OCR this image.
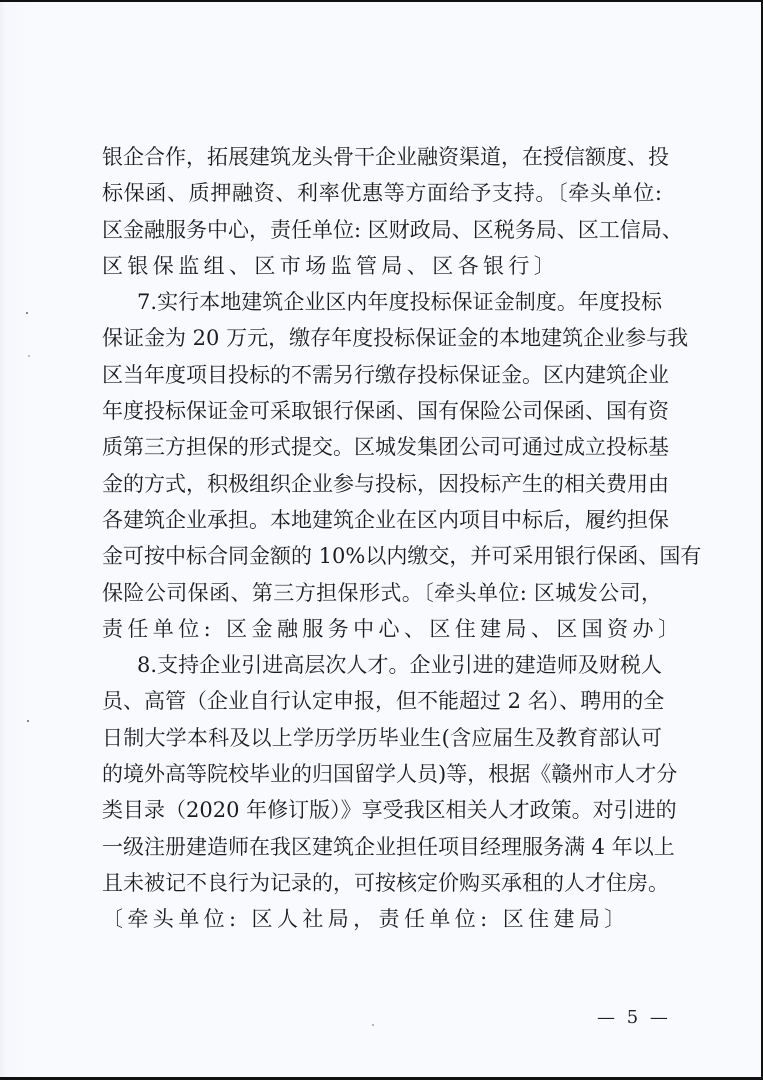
银企合作，拓展建筑龙头骨干企业融资渠道，在授信额度、投
标保函、质押融资、利率优惠等方面给予支持。〔牵头单位:
区金融服务中心，责任单位: 区财政局、区税务局、区工信局、
区银保监组、区市场监管局、区各银行〕
7.实行本地建筑企业区内年度投标保证金制度。年度投标
保证金为 20 万元，缴存年度投标保证金的本地建筑企业参与我
区当年度项目投标的不需另行缴存投标保证金。区内建筑企业
年度投标保证金可采取银行保函、国有保险公司保函、国有资
质第三方担保的形式提交。区城发集团公司可通过成立投标基
金的方式，积极组织企业参与投标，因投标产生的相关费用由
各建筑企业承担。本地建筑企业在区内项目中标后，履约担保
金可按中标合同金额的 10%以内缴交，并可采用银行保函、国有
保险公司保函、第三方担保形式。〔牵头单位: 区城发公司，
责任单位: 区金融服务中心、区住建局、区国资办〕
8.支持企业引进高层次人才。企业引进的建造师及财税人
员、高管（企业自行认定申报，但不能超过 2 名）、聘用的全
日制大学本科及以上学历学历毕业生(含应届生及教育部认可
的境外高等院校毕业的归国留学人员)等，根据《赣州市人才分
类目录（2020 年修订版）》享受我区相关人才政策。对引进的
一级注册建造师在我区建筑企业担任项目经理服务满 4 年以上
且未被记不良行为记录的，可按核定价购买承租的人才住房。
〔牵头单位: 区人社局，责任单位: 区住建局〕
— 5 —
